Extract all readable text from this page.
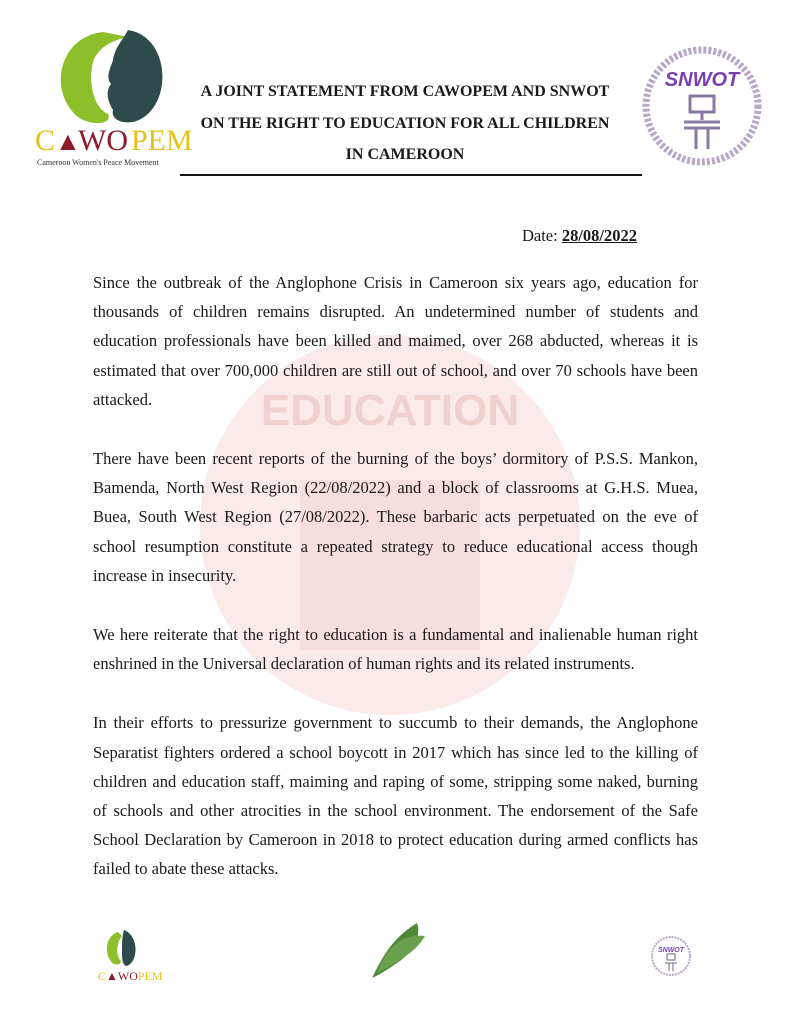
EDUCATION
C ▲
WO PEM
Cameroon Women's Peace Movement
SNWOT
A JOINT STATEMENT FROM CAWOPEM AND SNWOT
ON THE RIGHT TO EDUCATION FOR ALL CHILDREN
IN CAMEROON
Date: 28/08/2022

Since the outbreak of the Anglophone Crisis in Cameroon six years ago, education for thousands of children remains disrupted. An undetermined number of students and education professionals have been killed and maimed, over 268 abducted, whereas it is estimated that over 700,000 children are still out of school, and over 70 schools have been attacked.

There have been recent reports of the burning of the boys’ dormitory of P.S.S. Mankon, Bamenda, North West Region (22/08/2022) and a block of classrooms at G.H.S. Muea, Buea, South West Region (27/08/2022). These barbaric acts perpetuated on the eve of school resumption constitute a repeated strategy to reduce educational access though increase in insecurity.

We here reiterate that the right to education is a fundamental and inalienable human right enshrined in the Universal declaration of human rights and its related instruments.

In their efforts to pressurize government to succumb to their demands, the Anglophone Separatist fighters ordered a school boycott in 2017 which has since led to the killing of children and education staff, maiming and raping of some, stripping some naked, burning of schools and other atrocities in the school environment. The endorsement of the Safe School Declaration by Cameroon in 2018 to protect education during armed conflicts has failed to abate these attacks.

C▲WOPEM
SNWOT
